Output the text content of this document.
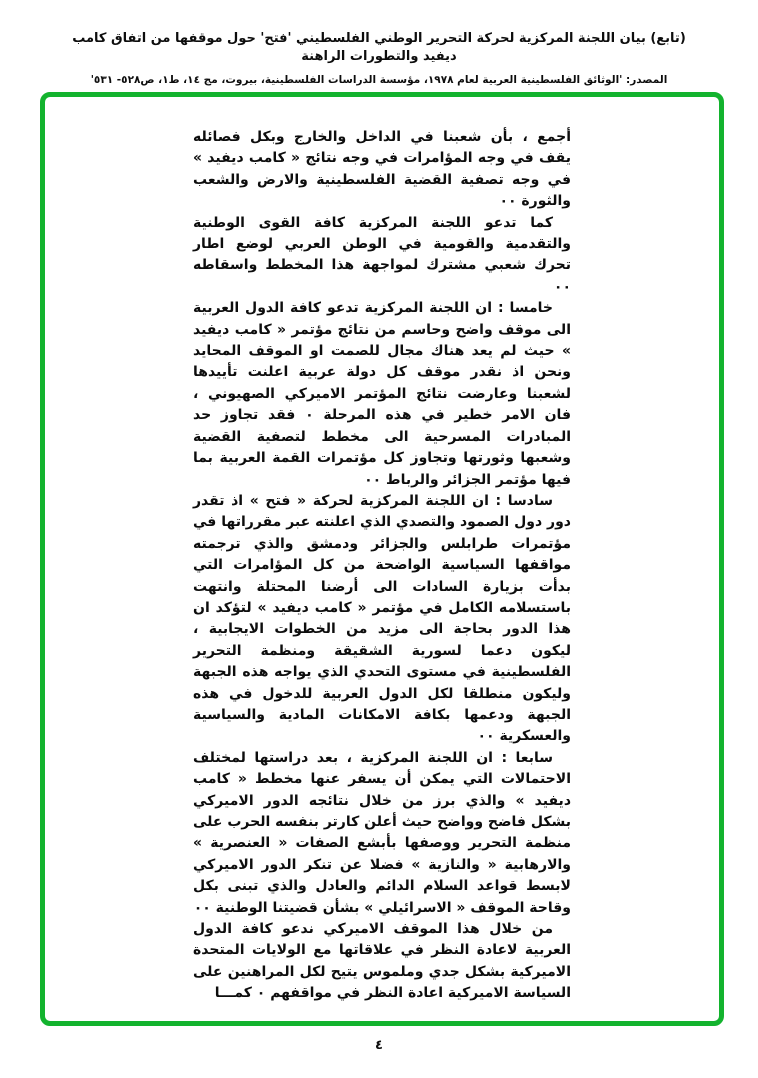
(تابع) بيان اللجنة المركزية لحركة التحرير الوطني الفلسطيني 'فتح' حول موقفها من اتفاق كامب ديفيد والتطورات الراهنة
المصدر: 'الوثائق الفلسطينية العربية لعام ١٩٧٨، مؤسسة الدراسات الفلسطينية، بيروت، مج ١٤، ط١، ص٥٢٨- ٥٣١'

أجمع ، بأن شعبنا في الداخل والخارج وبكل فصائله يقف في وجه المؤامرات في وجه نتائج « كامب ديفيد » في وجه تصفية القضية الفلسطينية والارض والشعب والثورة ٠٠

كما تدعو اللجنة المركزية كافة القوى الوطنية والتقدمية والقومية في الوطن العربي لوضع اطار تحرك شعبي مشترك لمواجهة هذا المخطط واسقاطه ٠٠

خامسا : ان اللجنة المركزية تدعو كافة الدول العربية الى موقف واضح وحاسم من نتائج مؤتمر « كامب ديفيد » حيث لم يعد هناك مجال للصمت او الموقف المحايد ونحن اذ نقدر موقف كل دولة عربية اعلنت تأييدها لشعبنا وعارضت نتائج المؤتمر الاميركي الصهيوني ، فان الامر خطير في هذه المرحلة ٠ فقد تجاوز حد المبادرات المسرحية الى مخطط لتصفية القضية وشعبها وثورتها وتجاوز كل مؤتمرات القمة العربية بما فيها مؤتمر الجزائر والرباط ٠٠

سادسا : ان اللجنة المركزية لحركة « فتح » اذ تقدر دور دول الصمود والتصدي الذي اعلنته عبر مقرراتها في مؤتمرات طرابلس والجزائر ودمشق والذي ترجمته مواقفها السياسية الواضحة من كل المؤامرات التي بدأت بزيارة السادات الى أرضنا المحتلة وانتهت باستسلامه الكامل في مؤتمر « كامب ديفيد » لتؤكد ان هذا الدور بحاجة الى مزيد من الخطوات الايجابية ، ليكون دعما لسورية الشقيقة ومنظمة التحرير الفلسطينية في مستوى التحدي الذي يواجه هذه الجبهة وليكون منطلقا لكل الدول العربية للدخول في هذه الجبهة ودعمها بكافة الامكانات المادية والسياسية والعسكرية ٠٠

سابعا : ان اللجنة المركزية ، بعد دراستها لمختلف الاحتمالات التي يمكن أن يسفر عنها مخطط « كامب ديفيد » والذي برز من خلال نتائجه الدور الاميركي بشكل فاضح وواضح حيث أعلن كارتر بنفسه الحرب على منظمة التحرير ووصفها بأبشع الصفات « العنصرية » والارهابية « والنازية » فضلا عن تنكر الدور الاميركي لابسط قواعد السلام الدائم والعادل والذي تبنى بكل وقاحة الموقف « الاسرائيلي » بشأن قضيتنا الوطنية ٠٠

من خلال هذا الموقف الاميركي ندعو كافة الدول العربية لاعادة النظر في علاقاتها مع الولايات المتحدة الاميركية بشكل جدي وملموس يتيح لكل المراهنين على السياسة الاميركية اعادة النظر في مواقفهم ٠ كمـــا

٤
